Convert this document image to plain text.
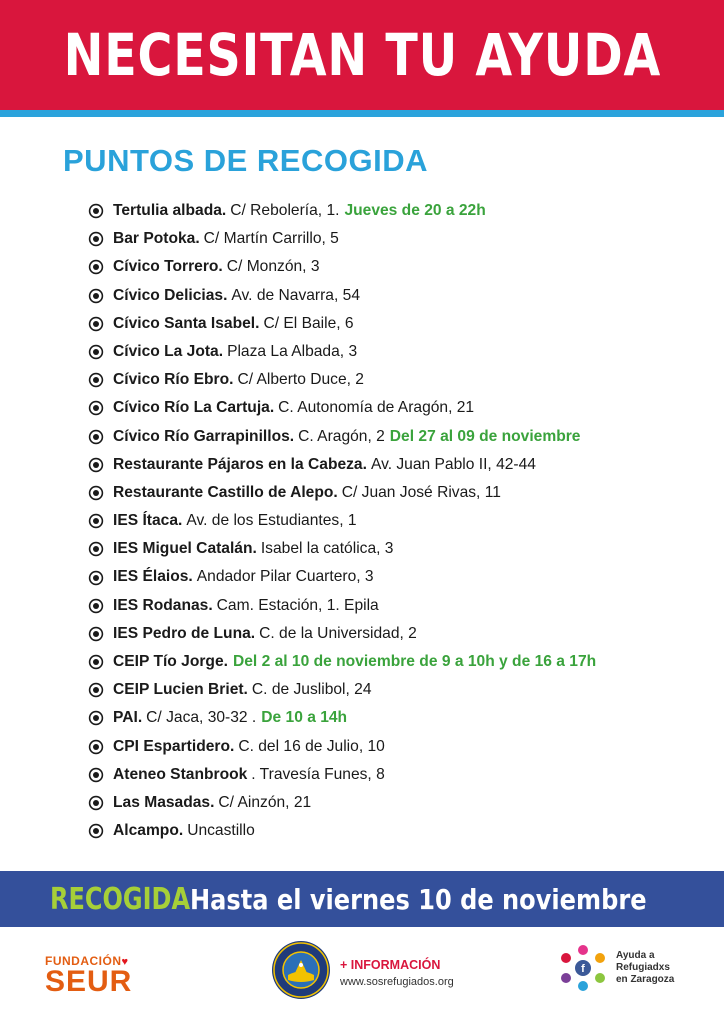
NECESITAN TU AYUDA
PUNTOS DE RECOGIDA
Tertulia albada. C/ Rebolería, 1. Jueves de 20 a 22h
Bar Potoka. C/ Martín Carrillo, 5
Cívico Torrero. C/ Monzón, 3
Cívico Delicias. Av. de Navarra, 54
Cívico Santa Isabel. C/ El Baile, 6
Cívico La Jota. Plaza La Albada, 3
Cívico Río Ebro. C/ Alberto Duce, 2
Cívico Río La Cartuja. C. Autonomía de Aragón, 21
Cívico Río Garrapinillos. C. Aragón, 2 Del 27 al 09 de noviembre
Restaurante Pájaros en la Cabeza. Av. Juan Pablo II, 42-44
Restaurante Castillo de Alepo. C/ Juan José Rivas, 11
IES Ítaca. Av. de los Estudiantes, 1
IES Miguel Catalán. Isabel la católica, 3
IES Élaios. Andador Pilar Cuartero, 3
IES Rodanas. Cam. Estación, 1. Epila
IES Pedro de Luna. C. de la Universidad, 2
CEIP Tío Jorge. Del 2 al 10 de noviembre de 9 a 10h y de 16 a 17h
CEIP Lucien Briet. C. de Juslibol, 24
PAI. C/ Jaca, 30-32 . De 10 a 14h
CPI Espartidero. C. del 16 de Julio, 10
Ateneo Stanbrook . Travesía Funes, 8
Las Masadas. C/ Ainzón, 21
Alcampo. Uncastillo
RECOGIDA Hasta el viernes 10 de noviembre
FUNDACIÓN♥
SEUR	+ INFORMACIÓN
www.sosrefugiados.org
f
Ayuda a
Refugiadxs
en Zaragoza
